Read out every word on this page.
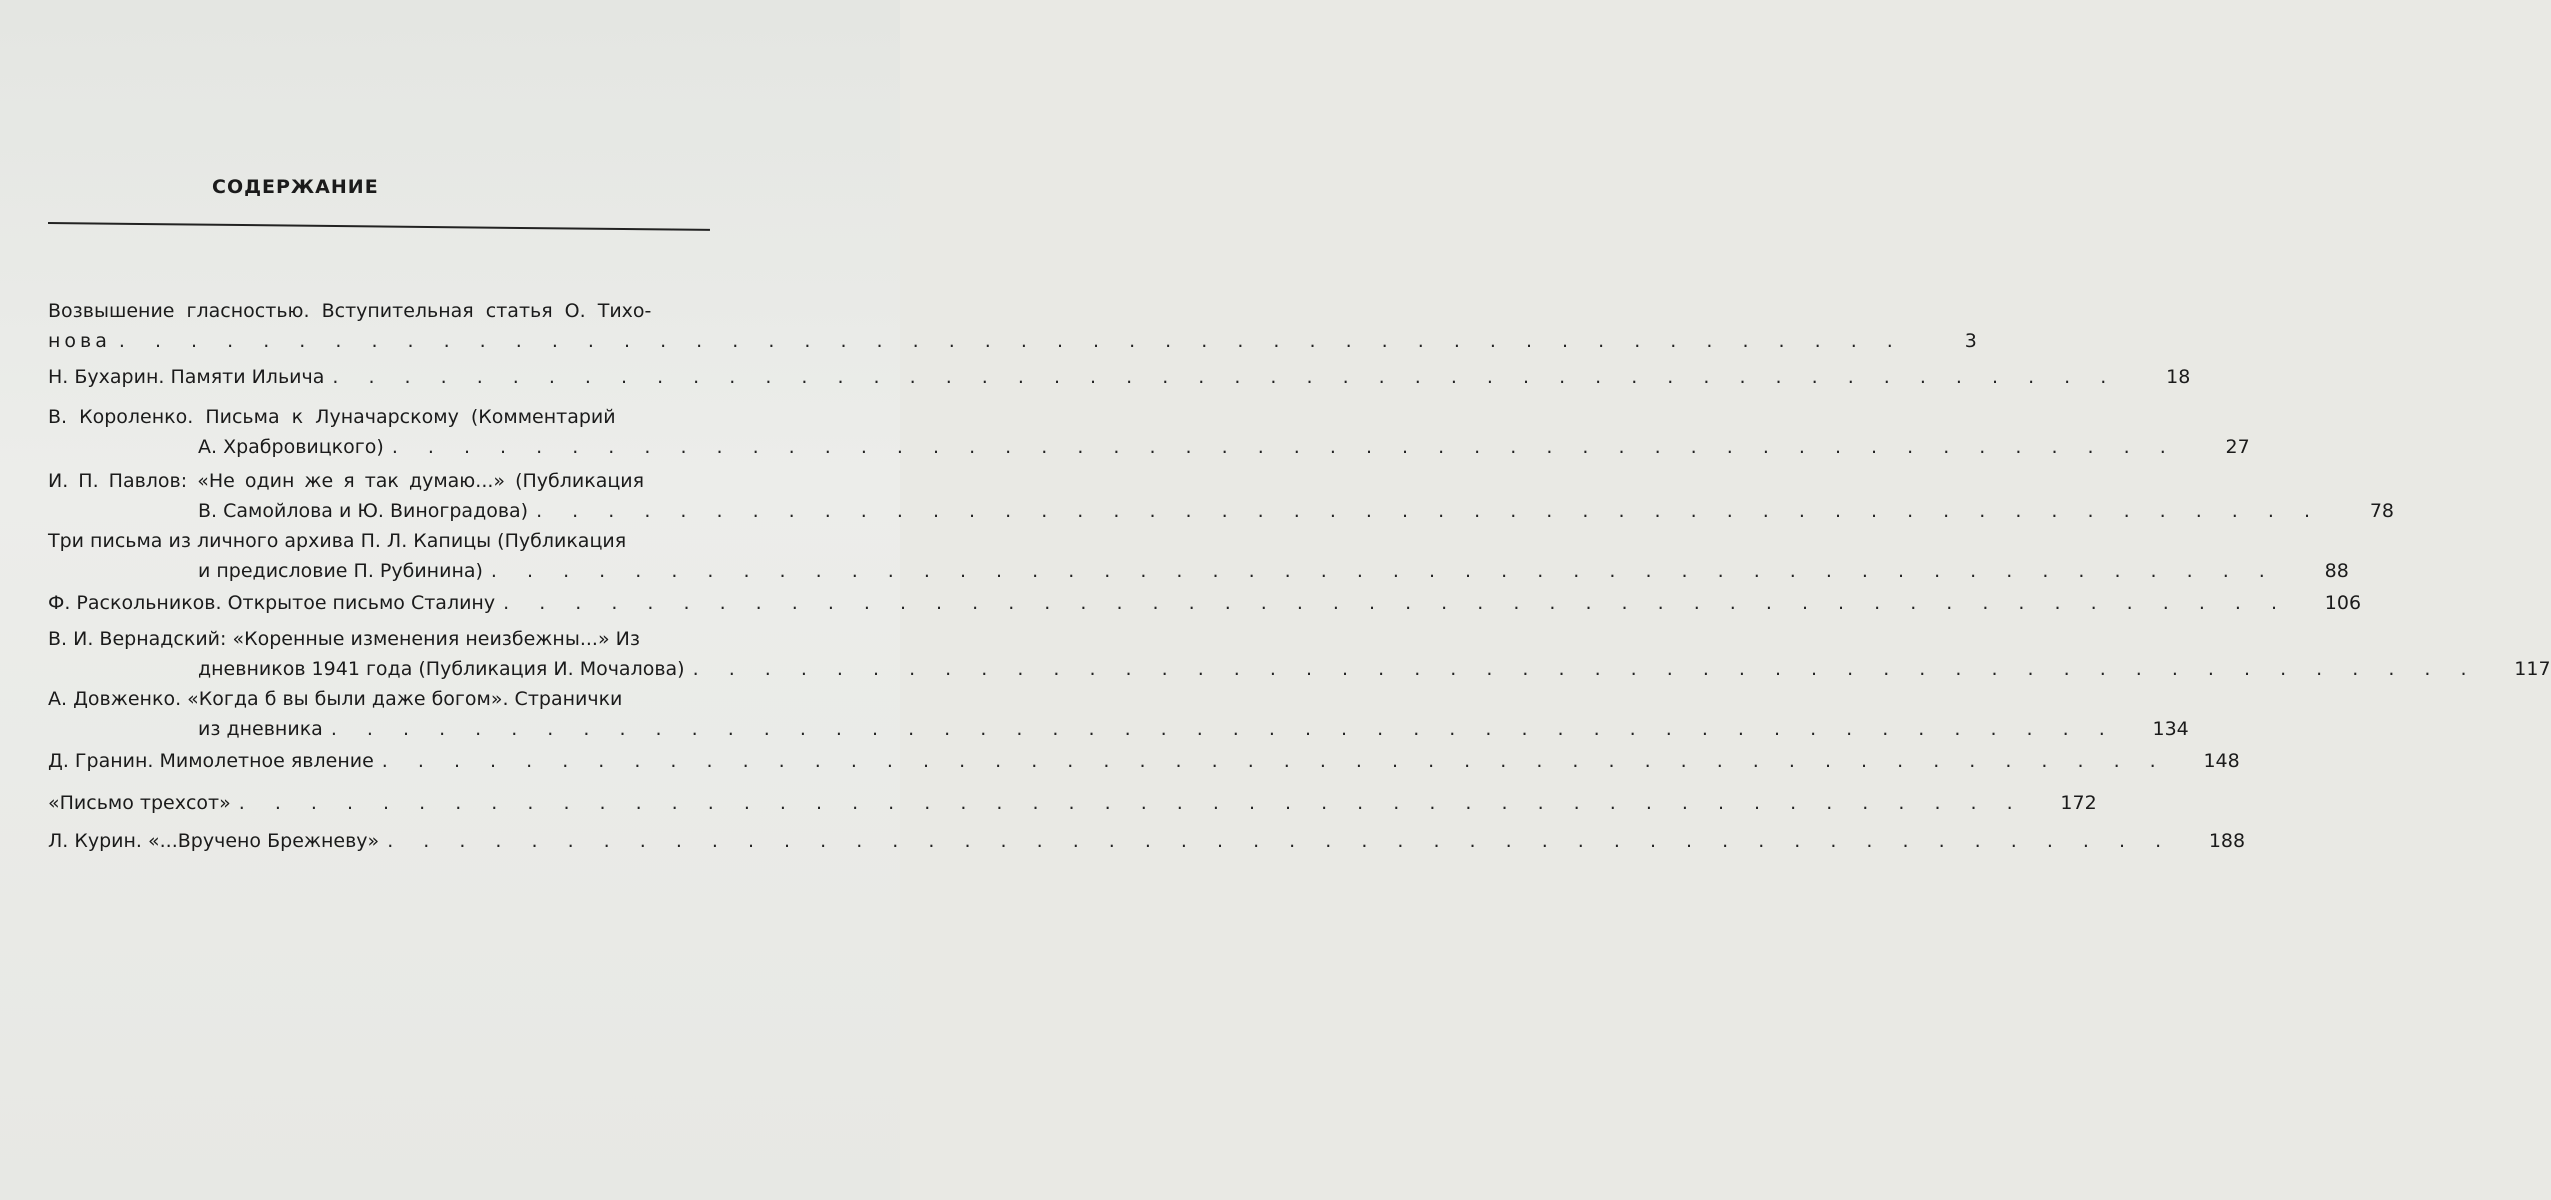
СОДЕРЖАНИЕ
Возвышение гласностью. Вступительная статья О. Тихо-
нова . . . . . . . . . . . . . . . . . . . . . . . . . . . . . . . . . . . . . . . . . . . . . . . . . .	3
Н. Бухарин. Памяти Ильича . . . . . . . . . . . . . . . . . . . . . . . . . . . . . . . . . . . . . . . . . . . . . . . . . .	18
В. Короленко. Письма к Луначарскому (Комментарий
А. Храбровицкого) . . . . . . . . . . . . . . . . . . . . . . . . . . . . . . . . . . . . . . . . . . . . . . . . . .	27
И. П. Павлов: «Не один же я так думаю...» (Публикация
В. Самойлова и Ю. Виноградова) . . . . . . . . . . . . . . . . . . . . . . . . . . . . . . . . . . . . . . . . . . . . . . . . . .	78
Три письма из личного архива П. Л. Капицы (Публикация
и предисловие П. Рубинина) . . . . . . . . . . . . . . . . . . . . . . . . . . . . . . . . . . . . . . . . . . . . . . . . . .	88
Ф. Раскольников. Открытое письмо Сталину . . . . . . . . . . . . . . . . . . . . . . . . . . . . . . . . . . . . . . . . . . . . . . . . . .	106
В. И. Вернадский: «Коренные изменения неизбежны...» Из
дневников 1941 года (Публикация И. Мочалова) . . . . . . . . . . . . . . . . . . . . . . . . . . . . . . . . . . . . . . . . . . . . . . . . . .	117
А. Довженко. «Когда б вы были даже богом». Странички
из дневника . . . . . . . . . . . . . . . . . . . . . . . . . . . . . . . . . . . . . . . . . . . . . . . . . .	134
Д. Гранин. Мимолетное явление . . . . . . . . . . . . . . . . . . . . . . . . . . . . . . . . . . . . . . . . . . . . . . . . . .	148
«Письмо трехсот» . . . . . . . . . . . . . . . . . . . . . . . . . . . . . . . . . . . . . . . . . . . . . . . . . .	172
Л. Курин. «...Вручено Брежневу» . . . . . . . . . . . . . . . . . . . . . . . . . . . . . . . . . . . . . . . . . . . . . . . . . .	188
